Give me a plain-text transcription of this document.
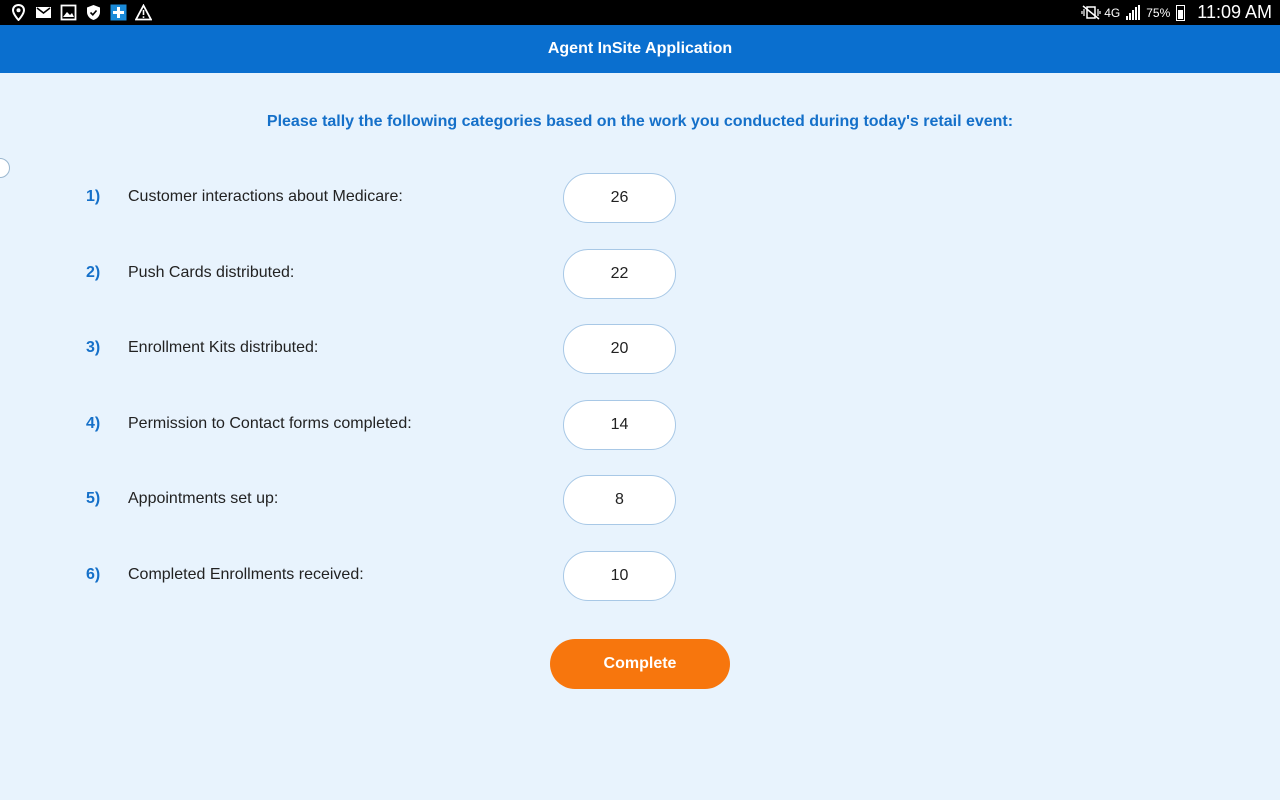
4G 75% 11:09 AM
Agent InSite Application
Please tally the following categories based on the work you conducted during today's retail event:
1) Customer interactions about Medicare:
26
2) Push Cards distributed:
22
3) Enrollment Kits distributed:
20
4) Permission to Contact forms completed:
14
5) Appointments set up:
8
6) Completed Enrollments received:
10
Complete
